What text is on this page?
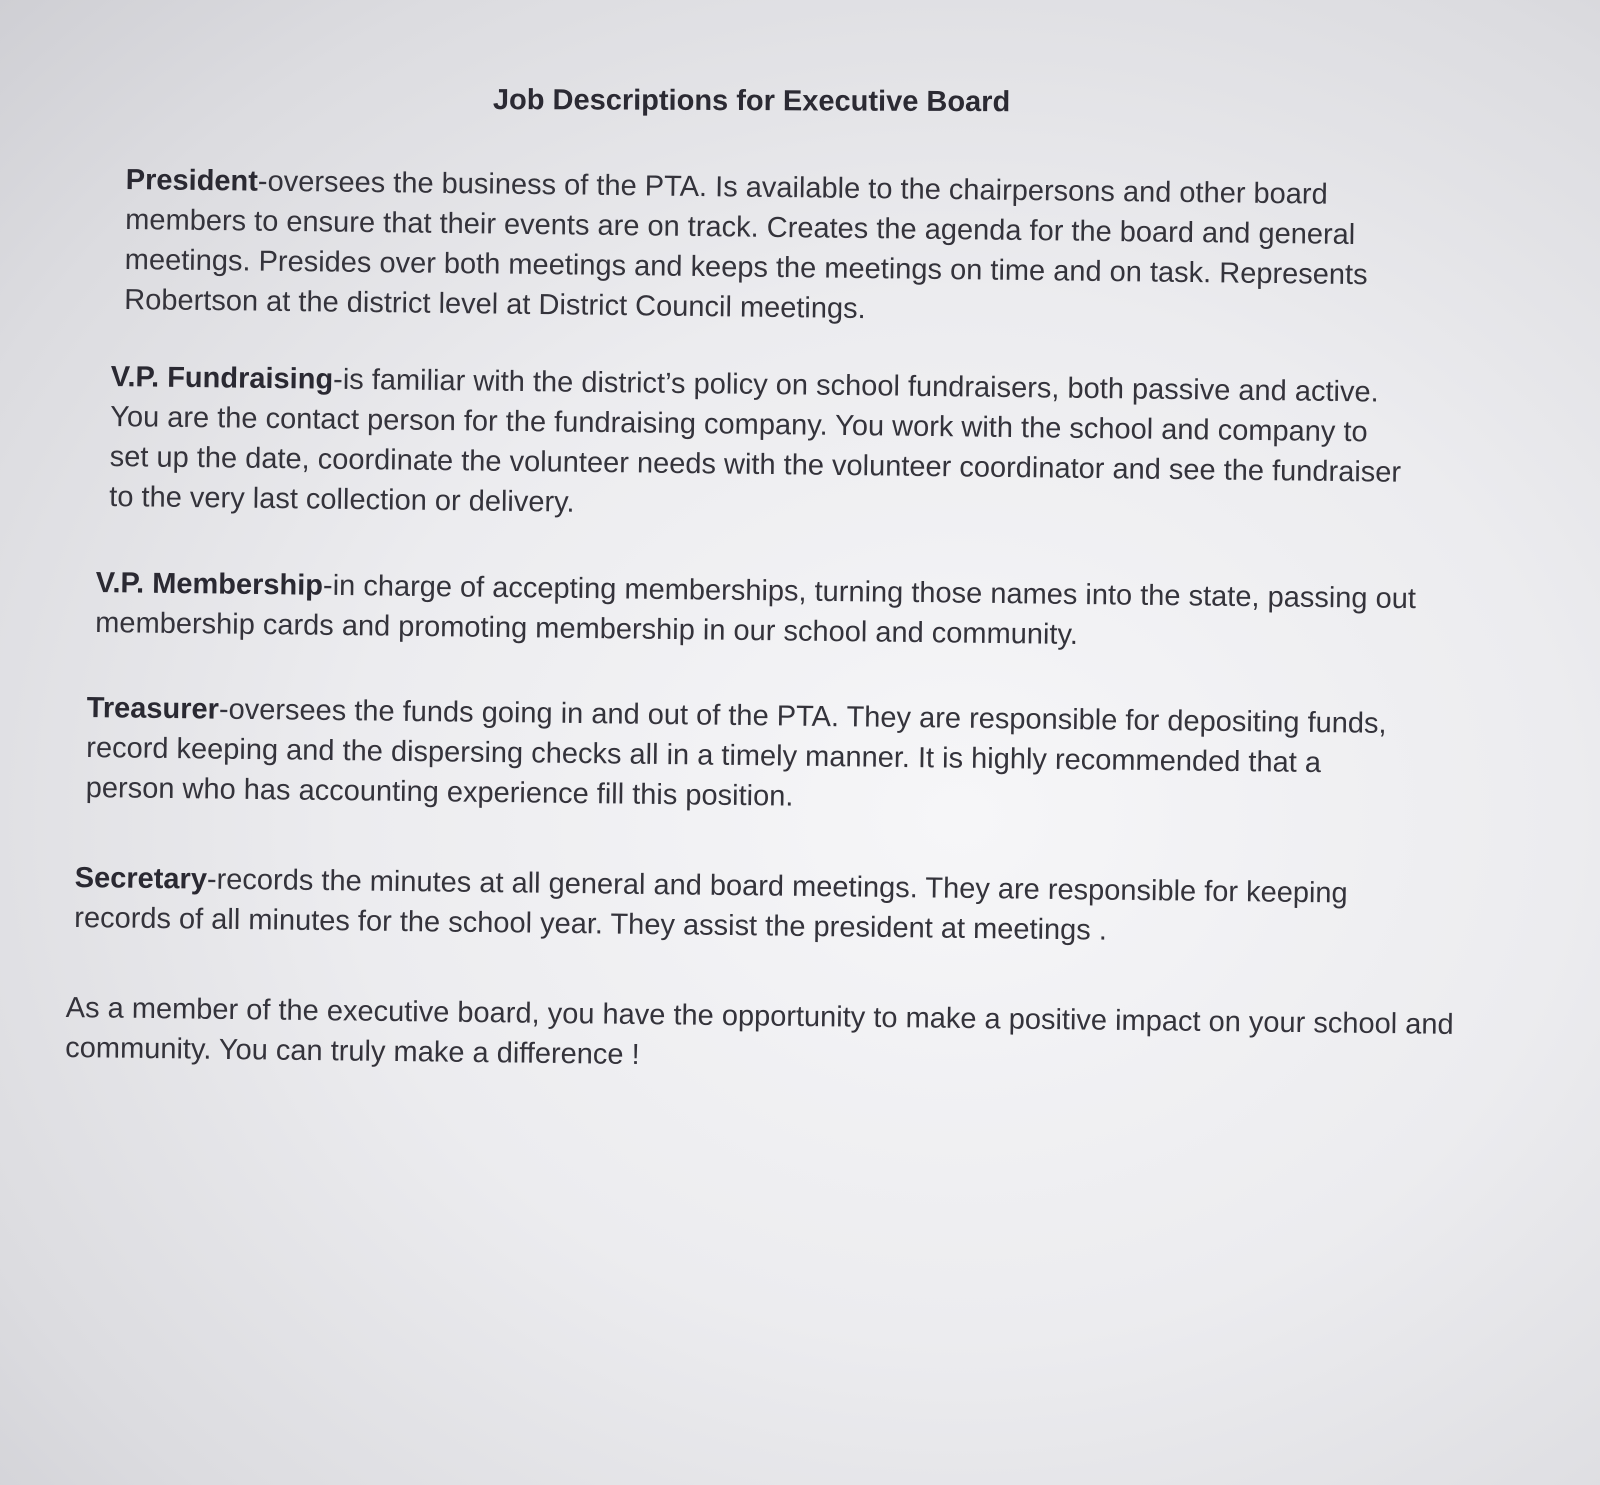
Job Descriptions for Executive Board

President-oversees the business of the PTA. Is available to the chairpersons and other board members to ensure that their events are on track. Creates the agenda for the board and general meetings. Presides over both meetings and keeps the meetings on time and on task. Represents Robertson at the district level at District Council meetings.

V.P. Fundraising-is familiar with the district’s policy on school fundraisers, both passive and active. You are the contact person for the fundraising company. You work with the school and company to set up the date, coordinate the volunteer needs with the volunteer coordinator and see the fundraiser to the very last collection or delivery.

V.P. Membership-in charge of accepting memberships, turning those names into the state, passing out membership cards and promoting membership in our school and community.

Treasurer-oversees the funds going in and out of the PTA. They are responsible for depositing funds, record keeping and the dispersing checks all in a timely manner. It is highly recommended that a person who has accounting experience fill this position.

Secretary-records the minutes at all general and board meetings. They are responsible for keeping records of all minutes for the school year. They assist the president at meetings .

As a member of the executive board, you have the opportunity to make a positive impact on your school and community. You can truly make a difference !
